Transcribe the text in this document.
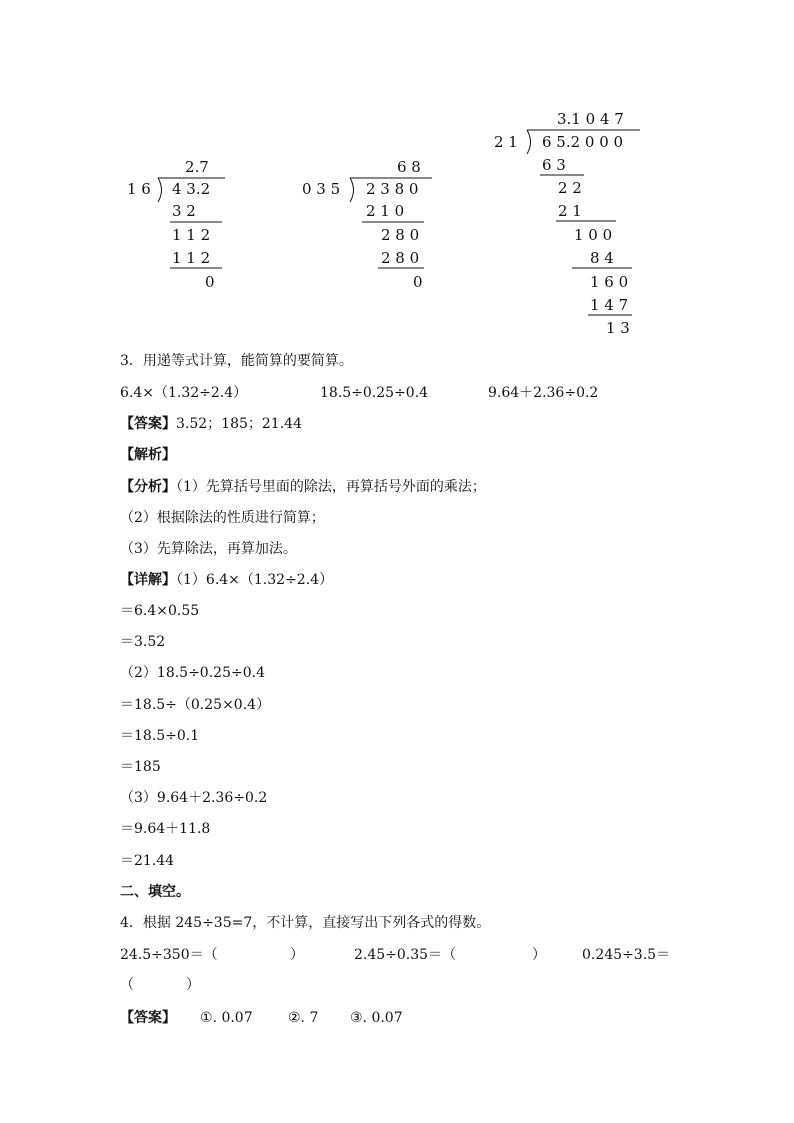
2.7
1 6 4 3.2
3 2
1 1 2
1 1 2
0
6 8
0 3 5 2 3 8 0
2 1 0
2 8 0
2 8 0
0
3.1 0 4 7
2 1 6 5.2 0 0 0
6 3
2 2
2 1
1 0 0
8 4
1 6 0
1 4 7
1 3
3．用递等式计算，能简算的要简算。
6.4×（1.32÷2.4）	18.5÷0.25÷0.4	9.64＋2.36÷0.2
【答案】3.52；185；21.44
【解析】
【分析】（1）先算括号里面的除法，再算括号外面的乘法；
（2）根据除法的性质进行简算；
（3）先算除法，再算加法。
【详解】（1）6.4×（1.32÷2.4）
＝6.4×0.55
＝3.52
（2）18.5÷0.25÷0.4
＝18.5÷（0.25×0.4）
＝18.5÷0.1
＝185
（3）9.64＋2.36÷0.2
＝9.64＋11.8
＝21.44
二、填空。
4．根据 245÷35=7，不计算，直接写出下列各式的得数。
24.5÷350＝（	）	2.45÷0.35＝（	）	0.245÷3.5＝
（	）
【答案】 ①. 0.07	②. 7 ③. 0.07
